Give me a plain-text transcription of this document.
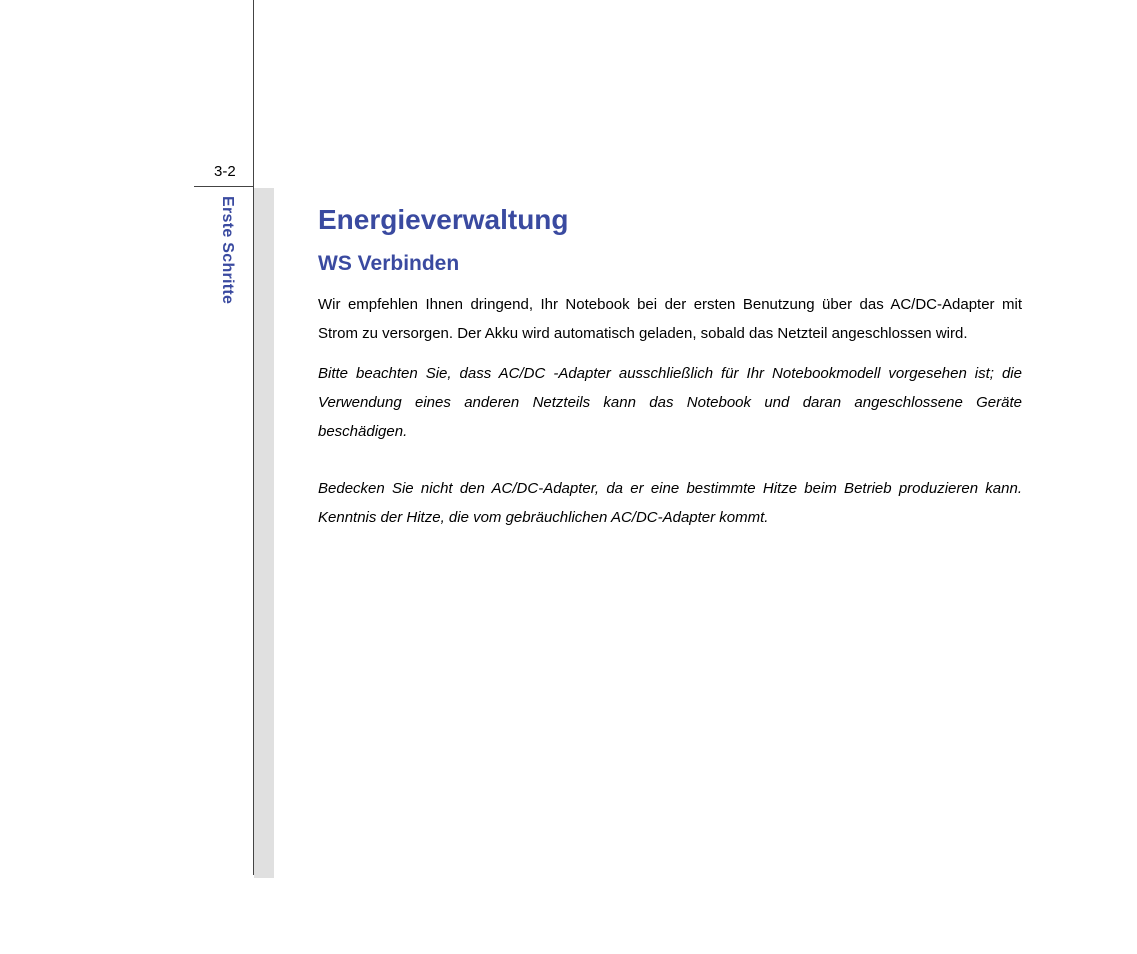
3-2
Erste Schritte	Energieverwaltung
WS Verbinden

Wir empfehlen Ihnen dringend, Ihr Notebook bei der ersten Benutzung über das AC/DC-Adapter mit Strom zu versorgen. Der Akku wird automatisch geladen, sobald das Netzteil angeschlossen wird.

Bitte beachten Sie, dass AC/DC -Adapter ausschließlich für Ihr Notebookmodell vorgesehen ist; die Verwendung eines anderen Netzteils kann das Notebook und daran angeschlossene Geräte beschädigen.

Bedecken Sie nicht den AC/DC-Adapter, da er eine bestimmte Hitze beim Betrieb produzieren kann. Kenntnis der Hitze, die vom gebräuchlichen AC/DC-Adapter kommt.
